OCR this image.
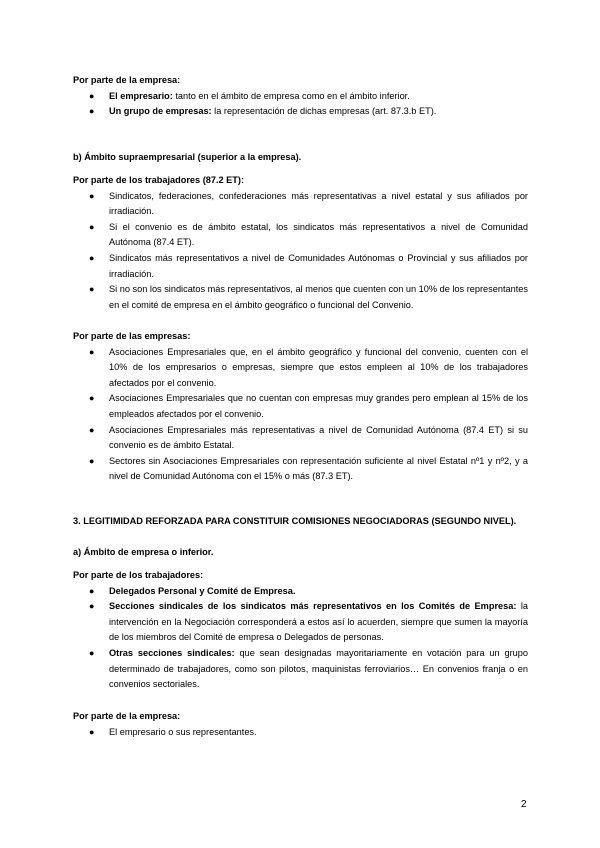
Por parte de la empresa:

● El empresario: tanto en el ámbito de empresa como en el ámbito inferior.
● Un grupo de empresas: la representación de dichas empresas (art. 87.3.b ET).

b) Ámbito supraempresarial (superior a la empresa).

Por parte de los trabajadores (87.2 ET):

● Sindicatos, federaciones, confederaciones más representativas a nivel estatal y sus afiliados por irradiación.
● Si el convenio es de ámbito estatal, los sindicatos más representativos a nivel de Comunidad Autónoma (87.4 ET).
● Sindicatos más representativos a nivel de Comunidades Autónomas o Provincial y sus afiliados por irradiación.
● Si no son los sindicatos más representativos, al menos que cuenten con un 10% de los representantes en el comité de empresa en el ámbito geográfico o funcional del Convenio.

Por parte de las empresas:

● Asociaciones Empresariales que, en el ámbito geográfico y funcional del convenio, cuenten con el 10% de los empresarios o empresas, siempre que estos empleen al 10% de los trabajadores afectados por el convenio.
● Asociaciones Empresariales que no cuentan con empresas muy grandes pero emplean al 15% de los empleados afectados por el convenio.
● Asociaciones Empresariales más representativas a nivel de Comunidad Autónoma (87.4 ET) si su convenio es de ámbito Estatal.
● Sectores sin Asociaciones Empresariales con representación suficiente al nivel Estatal nº1 y nº2, y a nivel de Comunidad Autónoma con el 15% o más (87.3 ET).

3. LEGITIMIDAD REFORZADA PARA CONSTITUIR COMISIONES NEGOCIADORAS (SEGUNDO NIVEL).

a) Ámbito de empresa o inferior.

Por parte de los trabajadores:

● Delegados Personal y Comité de Empresa.
● Secciones sindicales de los sindicatos más representativos en los Comités de Empresa: la intervención en la Negociación corresponderá a estos así lo acuerden, siempre que sumen la mayoría de los miembros del Comité de empresa o Delegados de personas.
● Otras secciones sindicales: que sean designadas mayoritariamente en votación para un grupo determinado de trabajadores, como son pilotos, maquinistas ferroviarios… En convenios franja o en convenios sectoriales.

Por parte de la empresa:

● El empresario o sus representantes.
2
